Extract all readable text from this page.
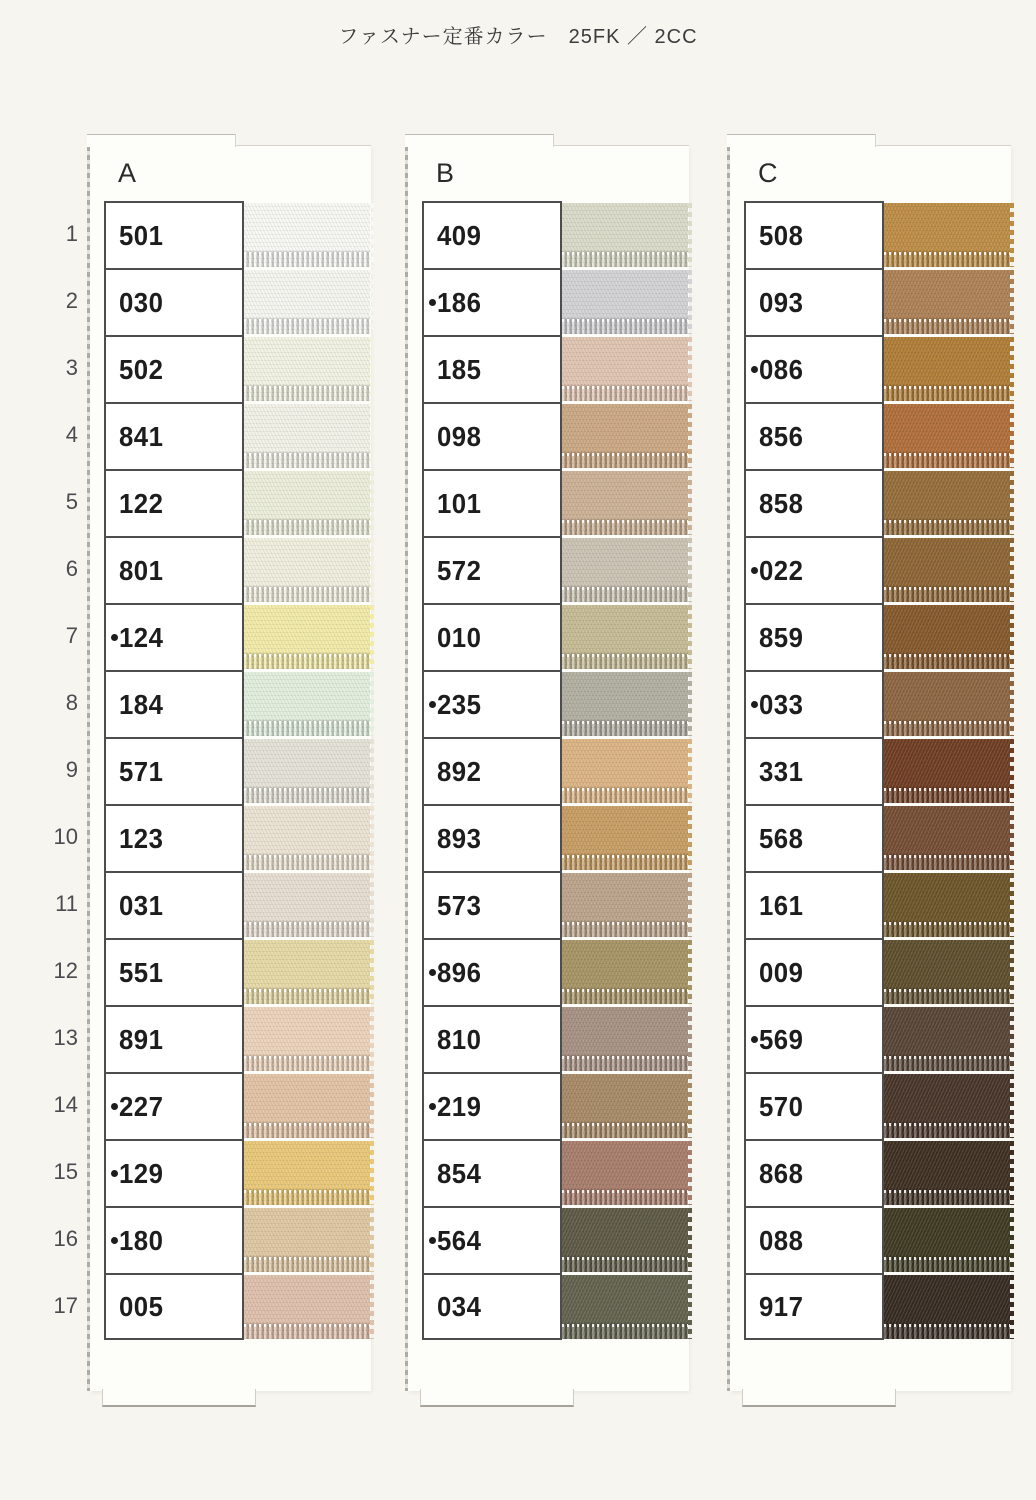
ファスナー定番カラー　25FK ／ 2CC
1
2
3
4
5
6
7
8
9
10
11
12
13
14
15
16
17
A
501
030
502
841
122
801
124
184
571
123
031
551
891
227
129
180
005
B
409
186
185
098
101
572
010
235
892
893
573
896
810
219
854
564
034
C
508
093
086
856
858
022
859
033
331
568
161
009
569
570
868
088
917
